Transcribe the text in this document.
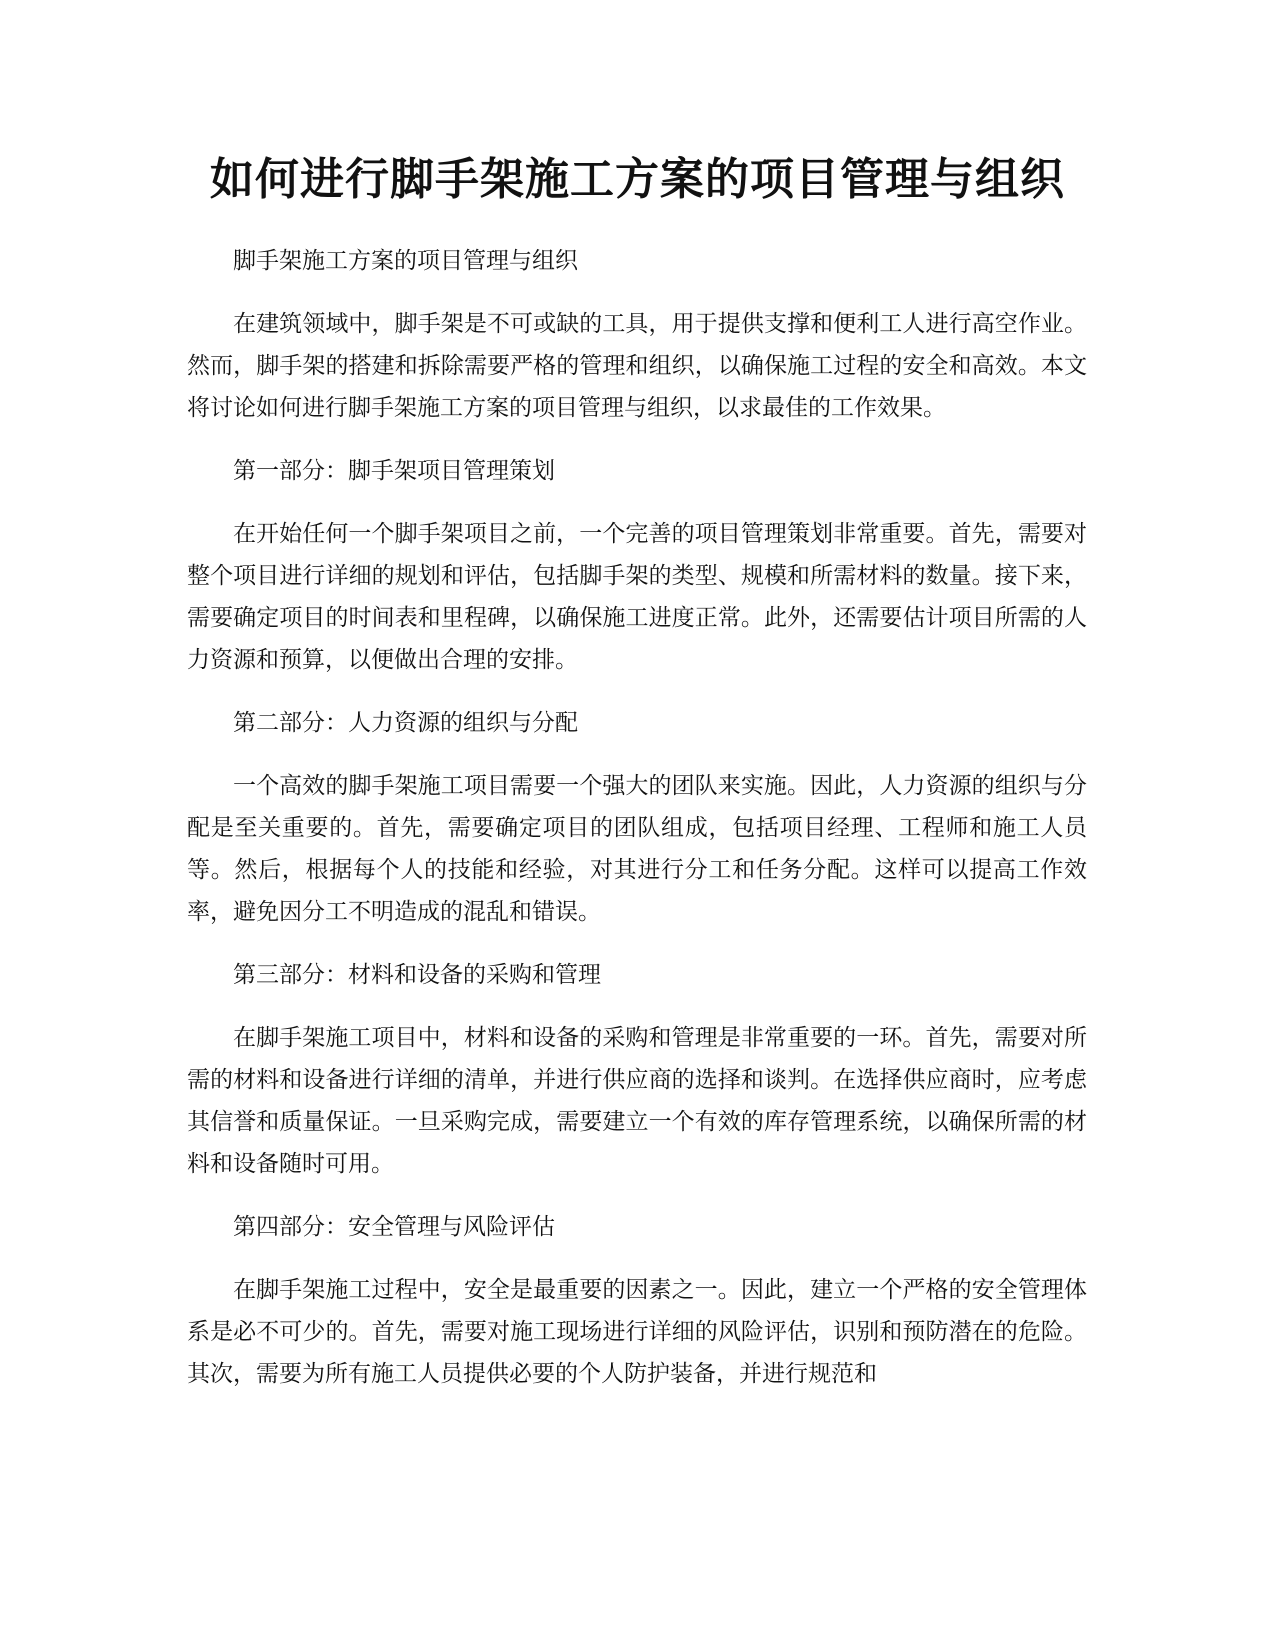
如何进行脚手架施工方案的项目管理与组织

脚手架施工方案的项目管理与组织

在建筑领域中，脚手架是不可或缺的工具，用于提供支撑和便利工人进行高空作业。然而，脚手架的搭建和拆除需要严格的管理和组织，以确保施工过程的安全和高效。本文将讨论如何进行脚手架施工方案的项目管理与组织，以求最佳的工作效果。

第一部分：脚手架项目管理策划

在开始任何一个脚手架项目之前，一个完善的项目管理策划非常重要。首先，需要对整个项目进行详细的规划和评估，包括脚手架的类型、规模和所需材料的数量。接下来，需要确定项目的时间表和里程碑，以确保施工进度正常。此外，还需要估计项目所需的人力资源和预算，以便做出合理的安排。

第二部分：人力资源的组织与分配

一个高效的脚手架施工项目需要一个强大的团队来实施。因此，人力资源的组织与分配是至关重要的。首先，需要确定项目的团队组成，包括项目经理、工程师和施工人员等。然后，根据每个人的技能和经验，对其进行分工和任务分配。这样可以提高工作效率，避免因分工不明造成的混乱和错误。

第三部分：材料和设备的采购和管理

在脚手架施工项目中，材料和设备的采购和管理是非常重要的一环。首先，需要对所需的材料和设备进行详细的清单，并进行供应商的选择和谈判。在选择供应商时，应考虑其信誉和质量保证。一旦采购完成，需要建立一个有效的库存管理系统，以确保所需的材料和设备随时可用。

第四部分：安全管理与风险评估

在脚手架施工过程中，安全是最重要的因素之一。因此，建立一个严格的安全管理体系是必不可少的。首先，需要对施工现场进行详细的风险评估，识别和预防潜在的危险。其次，需要为所有施工人员提供必要的个人防护装备，并进行规范和
